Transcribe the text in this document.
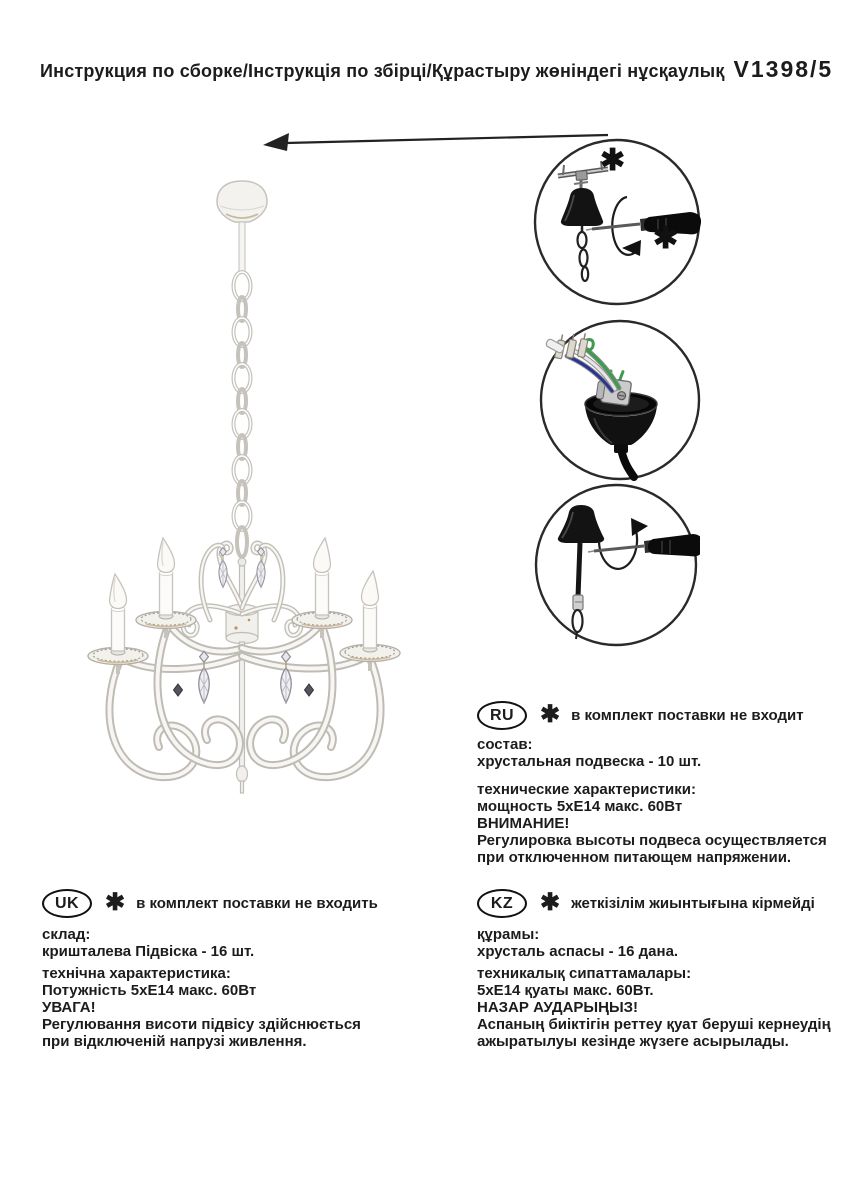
Инструкция по сборке/Інструкція по збірці/Құрастыру жөніндегі нұсқаулық V1398/5
✱
✱
RU	✱ в комплект поставки не входит
состав:
хрустальная подвеска - 10 шт.
технические характеристики:
мощность 5хЕ14 макс. 60Вт
ВНИМАНИЕ!
Регулировка высоты подвеса осуществляется
при отключенном питающем напряжении.
UK	✱ в комплект поставки не входить
склад:
кришталева Підвіска - 16 шт.
технічна характеристика:
Потужність 5хЕ14 макс. 60Вт
УВАГА!
Регулювання висоти підвісу здійснюється
при відключеній напрузі живлення.
KZ	✱ жеткізілім жиынтығына кірмейді
құрамы:
хрусталь аспасы - 16 дана.
техникалық сипаттамалары:
5хЕ14 қуаты макс. 60Вт.
НАЗАР АУДАРЫҢЫЗ!
Аспаның биіктігін реттеу қуат беруші кернеудің
ажыратылуы кезінде жүзеге асырылады.
